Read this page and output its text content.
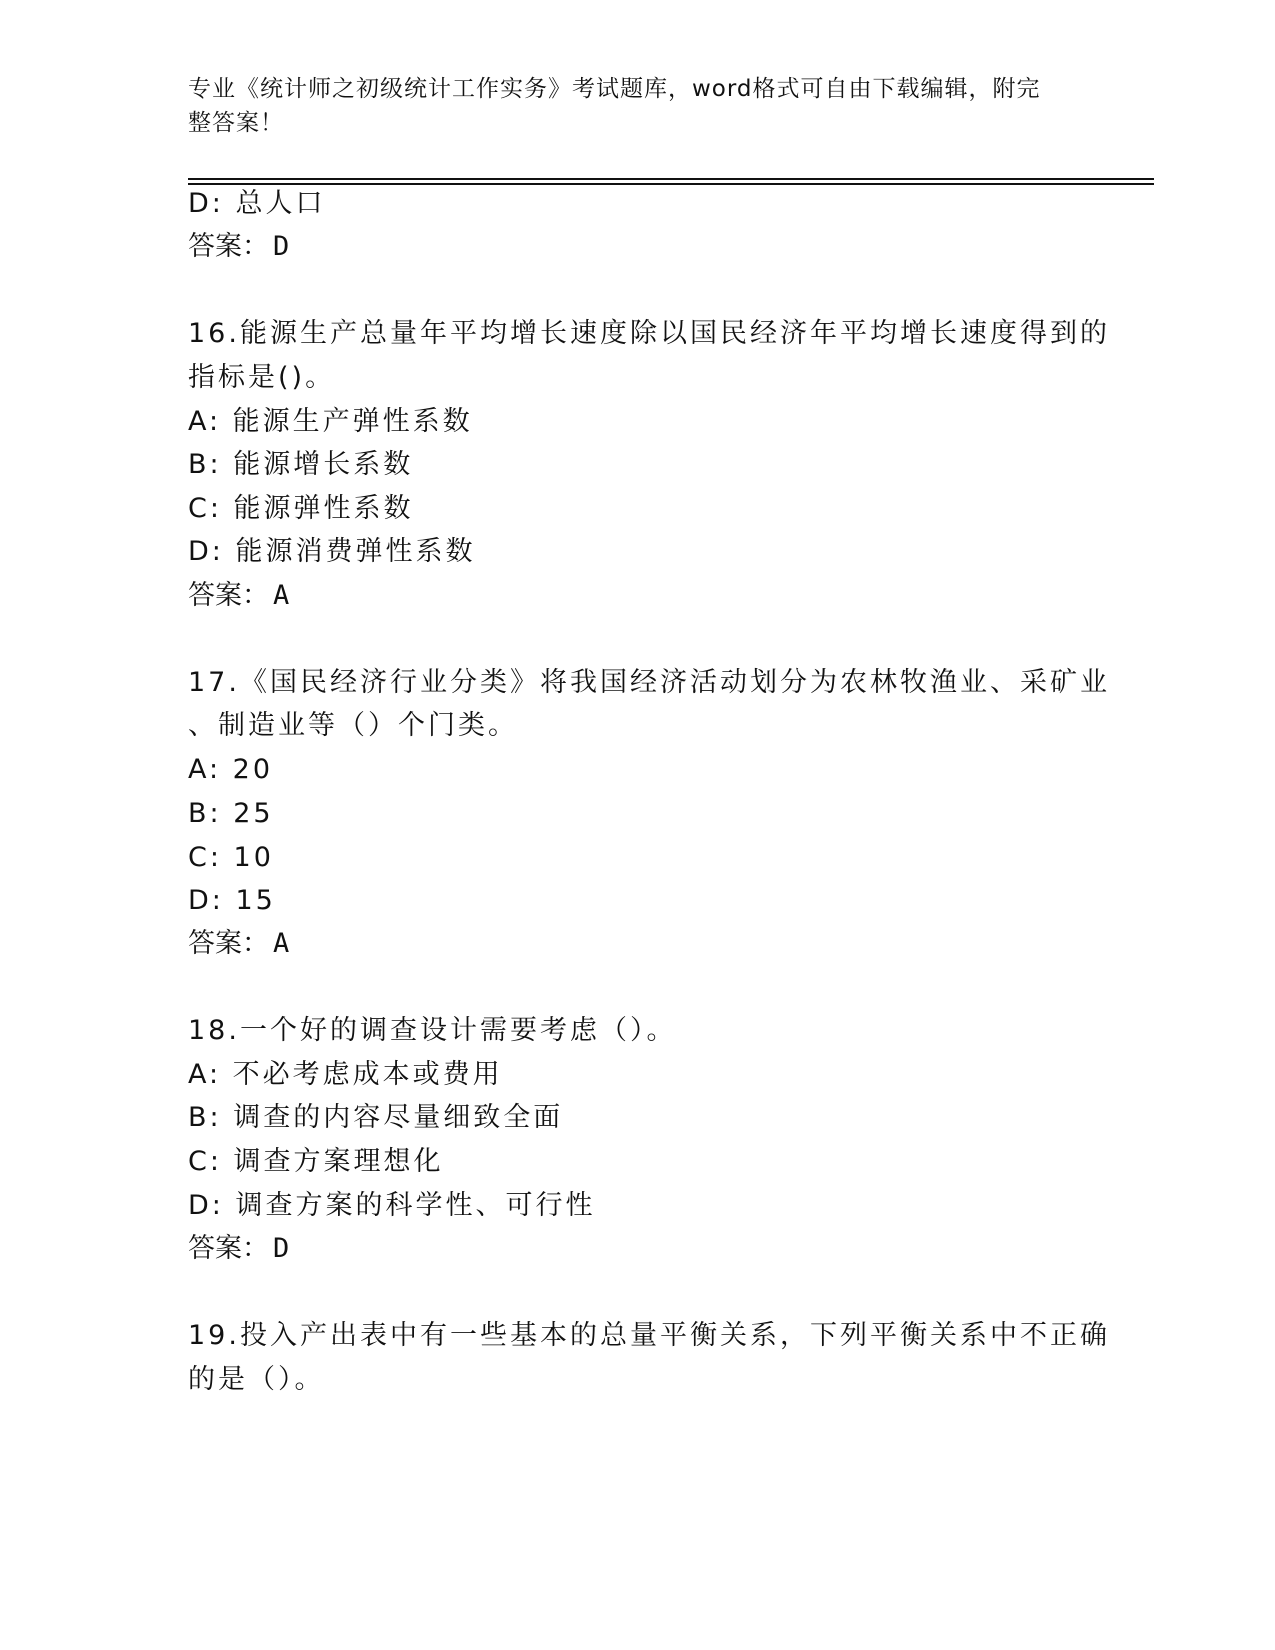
专业《统计师之初级统计工作实务》考试题库，word格式可自由下载编辑，附完
整答案！
D: 总人口
答案： D
16.能源生产总量年平均增长速度除以国民经济年平均增长速度得到的
指标是()。
A: 能源生产弹性系数
B: 能源增长系数
C: 能源弹性系数
D: 能源消费弹性系数
答案： A
17.《国民经济行业分类》将我国经济活动划分为农林牧渔业、采矿业
、制造业等（）个门类。
A: 20
B: 25
C: 10
D: 15
答案： A
18.一个好的调查设计需要考虑（）。
A: 不必考虑成本或费用
B: 调查的内容尽量细致全面
C: 调查方案理想化
D: 调查方案的科学性、可行性
答案： D
19.投入产出表中有一些基本的总量平衡关系，下列平衡关系中不正确
的是（）。
